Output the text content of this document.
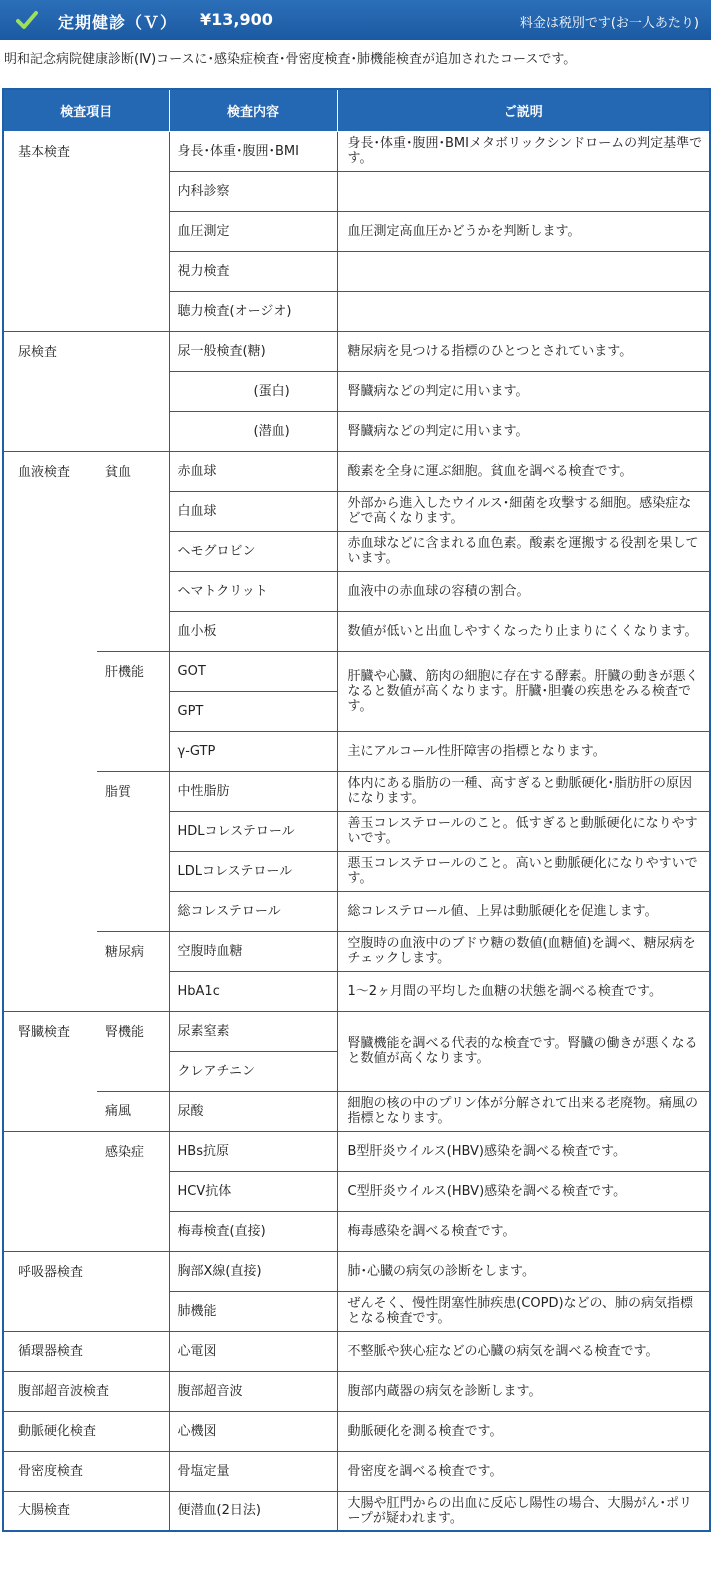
定期健診（Ｖ） ¥13,900	料金は税別です(お一人あたり)
明和記念病院健康診断(Ⅳ)コースに･感染症検査･骨密度検査･肺機能検査が追加されたコースです。
検査項目		検査内容	ご説明
基本検査		身長･体重･腹囲･BMI	身長･体重･腹囲･BMIメタボリックシンドロームの判定基準です。
		内科診察	
		血圧測定	血圧測定高血圧かどうかを判断します。
		視力検査	
		聴力検査(オージオ)	
尿検査		尿一般検査(糖)	糖尿病を見つける指標のひとつとされています。
		(蛋白)	腎臓病などの判定に用います。
		(潜血)	腎臓病などの判定に用います。
血液検査	貧血	赤血球	酸素を全身に運ぶ細胞。貧血を調べる検査です。
		白血球	外部から進入したウイルス･細菌を攻撃する細胞。感染症などで高くなります。
		ヘモグロビン	赤血球などに含まれる血色素。酸素を運搬する役割を果しています。
		ヘマトクリット	血液中の赤血球の容積の割合。
		血小板	数値が低いと出血しやすくなったり止まりにくくなります。
	肝機能	GOT	肝臓や心臓、筋肉の細胞に存在する酵素。肝臓の動きが悪くなると数値が高くなります。肝臓･胆嚢の疾患をみる検査です。
		GPT	
		γ-GTP	主にアルコール性肝障害の指標となります。
	脂質	中性脂肪	体内にある脂肪の一種、高すぎると動脈硬化･脂肪肝の原因になります。
		HDLコレステロール	善玉コレステロールのこと。低すぎると動脈硬化になりやすいです。
		LDLコレステロール	悪玉コレステロールのこと。高いと動脈硬化になりやすいです。
		総コレステロール	総コレステロール値、上昇は動脈硬化を促進します。
	糖尿病	空腹時血糖	空腹時の血液中のブドウ糖の数値(血糖値)を調べ、糖尿病をチェックします。
		HbA1c	1～2ヶ月間の平均した血糖の状態を調べる検査です。
腎臓検査	腎機能	尿素窒素	腎臓機能を調べる代表的な検査です。腎臓の働きが悪くなると数値が高くなります。
		クレアチニン	
	痛風	尿酸	細胞の核の中のプリン体が分解されて出来る老廃物。痛風の指標となります。
	感染症	HBs抗原	B型肝炎ウイルス(HBV)感染を調べる検査です。
		HCV抗体	C型肝炎ウイルス(HBV)感染を調べる検査です。
		梅毒検査(直接)	梅毒感染を調べる検査です。
呼吸器検査		胸部X線(直接)	肺･心臓の病気の診断をします。
		肺機能	ぜんそく、慢性閉塞性肺疾患(COPD)などの、肺の病気指標となる検査です。
循環器検査		心電図	不整脈や狭心症などの心臓の病気を調べる検査です。
腹部超音波検査		腹部超音波	腹部内蔵器の病気を診断します。
動脈硬化検査		心機図	動脈硬化を測る検査です。
骨密度検査		骨塩定量	骨密度を調べる検査です。
大腸検査		便潜血(2日法)	大腸や肛門からの出血に反応し陽性の場合、大腸がん･ポリープが疑われます。
